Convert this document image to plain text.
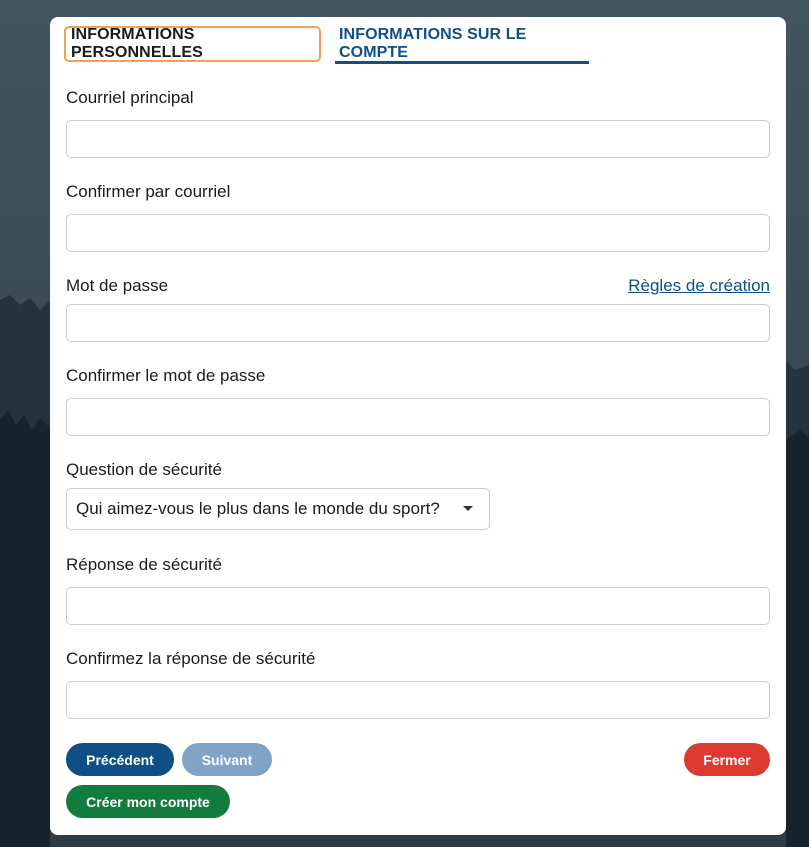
INFORMATIONS PERSONNELLES
INFORMATIONS SUR LE COMPTE
Courriel principal
Confirmer par courriel
Mot de passe	Règles de création
Confirmer le mot de passe
Question de sécurité
Qui aimez-vous le plus dans le monde du sport?
Réponse de sécurité
Confirmez la réponse de sécurité
Précédent	Suivant	Fermer
Créer mon compte
